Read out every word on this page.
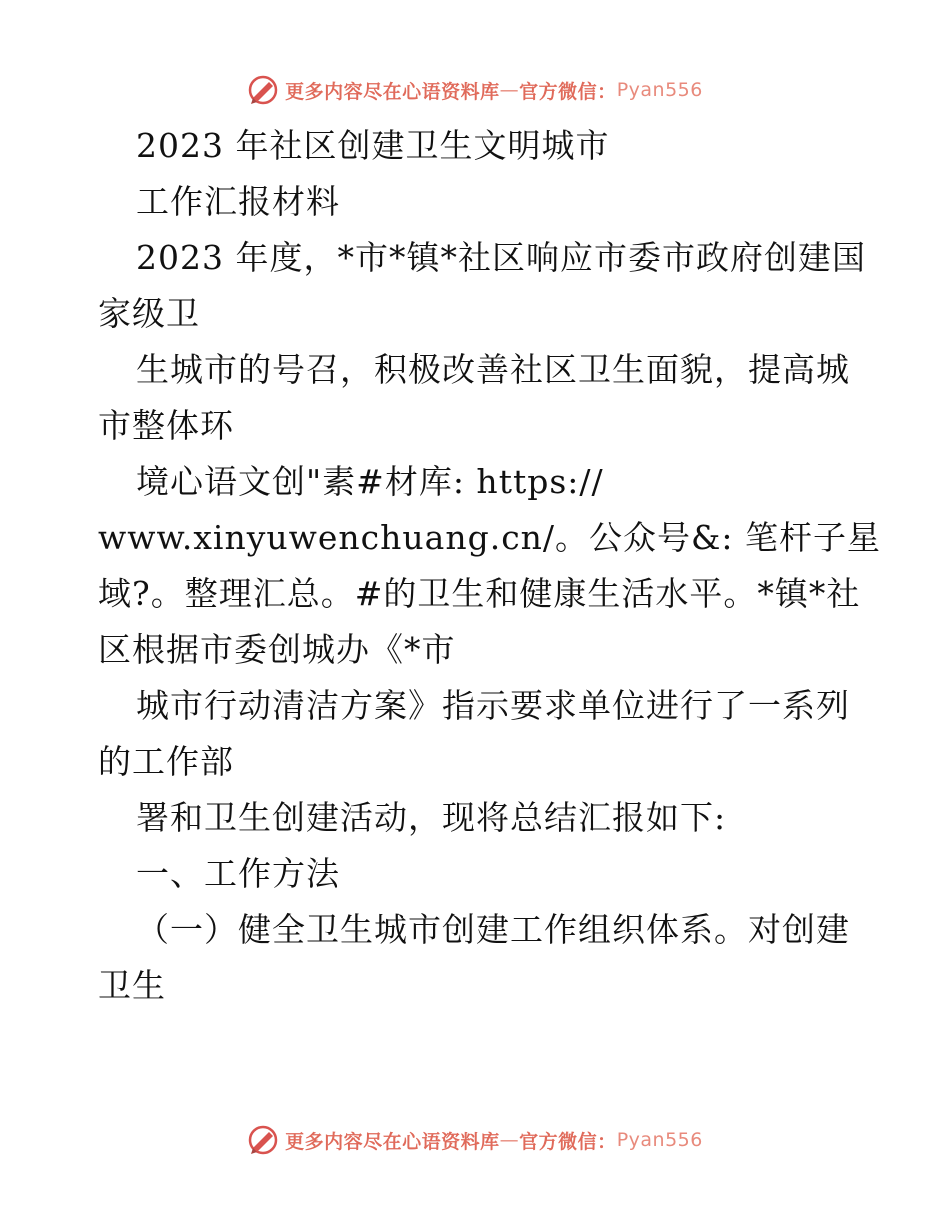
更多内容尽在心语资料库 — 官方微信： Pyan556
2023 年社区创建卫生文明城市
工作汇报材料
2023 年度，*市*镇*社区响应市委市政府创建国
家级卫
生城市的号召，积极改善社区卫生面貌，提高城
市整体环
境心语文创"素#材库: https://
www.xinyuwenchuang.cn/。公众号&: 笔杆子星
域?。整理汇总。#的卫生和健康生活水平。*镇*社
区根据市委创城办《*市
城市行动清洁方案》指示要求单位进行了一系列
的工作部
署和卫生创建活动，现将总结汇报如下:
一、工作方法
（一）健全卫生城市创建工作组织体系。对创建
卫生
更多内容尽在心语资料库 — 官方微信： Pyan556
